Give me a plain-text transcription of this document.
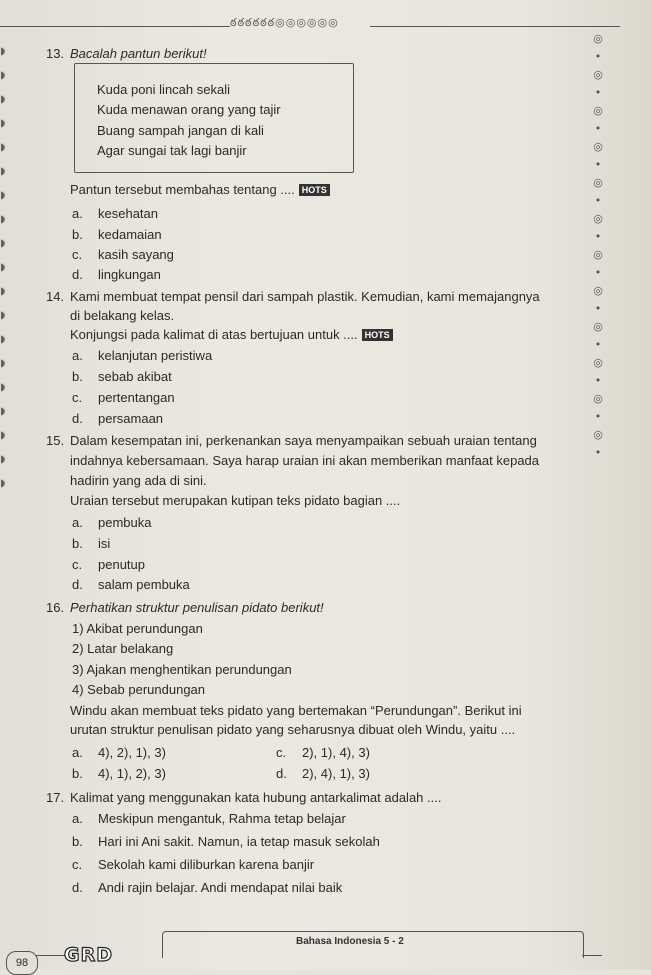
ఠఠఠఠఠఠ◎◎◎◎◎◎
◗
◗
◗
◗
◗
◗
◗
◗
◗
◗
◗
◗
◗
◗
◗
◗
◗
◗
◗
◎
•
◎
•
◎
•
◎
•
◎
•
◎
•
◎
•
◎
•
◎
•
◎
•
◎
•
◎
•
13. Bacalah pantun berikut!
Kuda poni lincah sekali
Kuda menawan orang yang tajir
Buang sampah jangan di kali
Agar sungai tak lagi banjir
Pantun tersebut membahas tentang .... HOTS
a. kesehatan
b. kedamaian
c. kasih sayang
d. lingkungan
14. Kami membuat tempat pensil dari sampah plastik. Kemudian, kami memajangnya
di belakang kelas.
Konjungsi pada kalimat di atas bertujuan untuk .... HOTS
a. kelanjutan peristiwa
b. sebab akibat
c. pertentangan
d. persamaan
15. Dalam kesempatan ini, perkenankan saya menyampaikan sebuah uraian tentang
indahnya kebersamaan. Saya harap uraian ini akan memberikan manfaat kepada
hadirin yang ada di sini.
Uraian tersebut merupakan kutipan teks pidato bagian ....
a. pembuka
b. isi
c. penutup
d. salam pembuka
16. Perhatikan struktur penulisan pidato berikut!
1) Akibat perundungan
2) Latar belakang
3) Ajakan menghentikan perundungan
4) Sebab perundungan
Windu akan membuat teks pidato yang bertemakan “Perundungan”. Berikut ini
urutan struktur penulisan pidato yang seharusnya dibuat oleh Windu, yaitu ....
a. 4), 2), 1), 3)
b. 4), 1), 2), 3)
c. 2), 1), 4), 3)
d. 2), 4), 1), 3)
17. Kalimat yang menggunakan kata hubung antarkalimat adalah ....
a. Meskipun mengantuk, Rahma tetap belajar
b. Hari ini Ani sakit. Namun, ia tetap masuk sekolah
c. Sekolah kami diliburkan karena banjir
d. Andi rajin belajar. Andi mendapat nilai baik
Bahasa Indonesia 5 - 2
98	GRD
